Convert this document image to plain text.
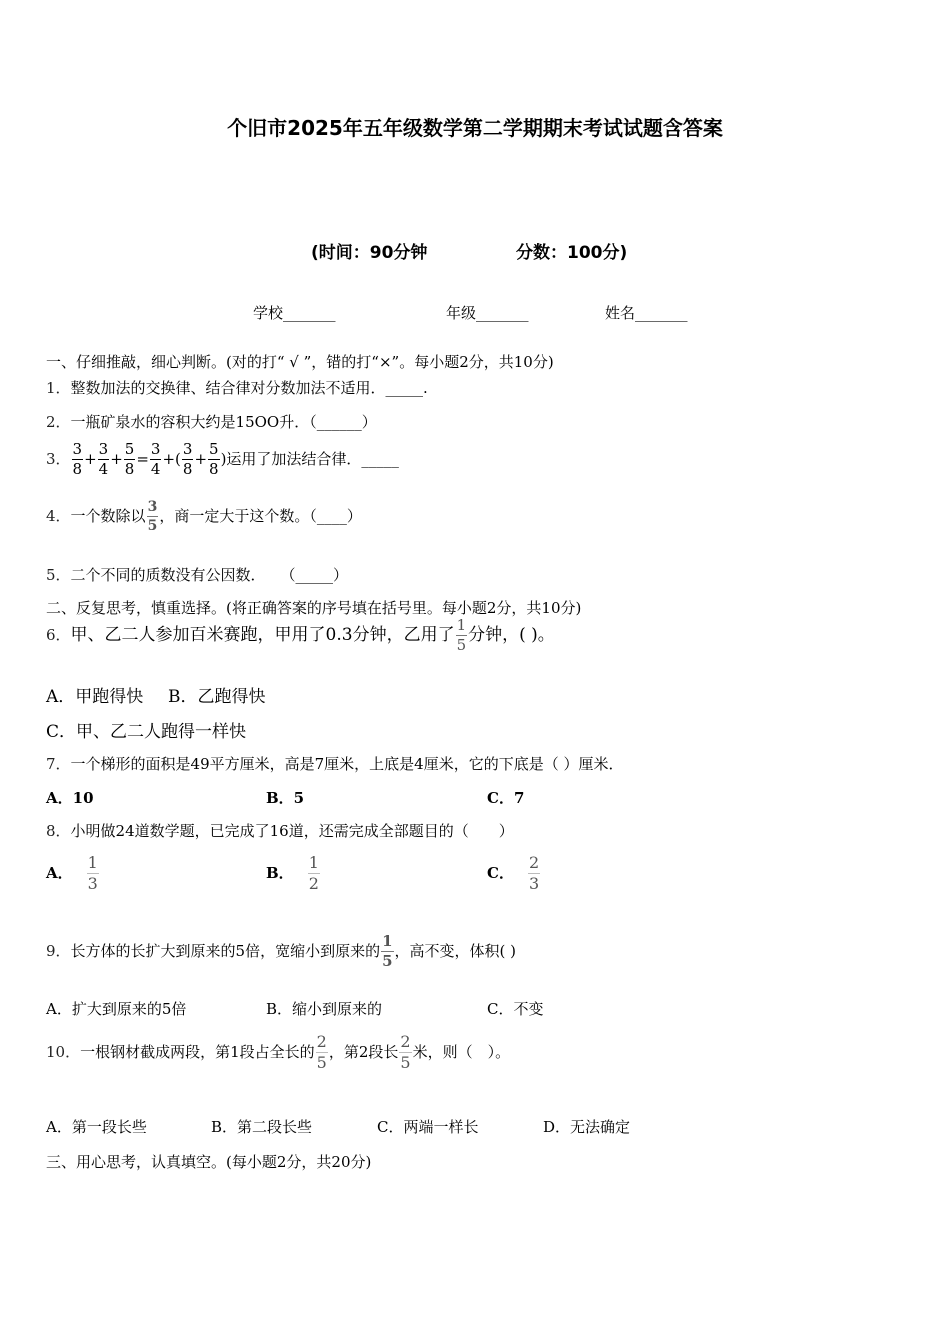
个旧市2025年五年级数学第二学期期末考试试题含答案
(时间：90分钟	分数：100分)
学校_______	年级_______	姓名_______
一、仔细推敲，细心判断。(对的打“ √ ”，错的打“×”。每小题2分，共10分)
1．整数加法的交换律、结合律对分数加法不适用．_____.
2．一瓶矿泉水的容积大约是15OO升．（______）
3． $\frac{3}{8} + \frac{3}{4} + \frac{5}{8} = \frac{3}{4}$ +( $\frac{3}{8} + \frac{5}{8}$ )运用了加法结合律．_____
4．一个数除以 $\frac{3}{5}$ ，商一定大于这个数。（____）
5．二个不同的质数没有公因数．　　（_____）
二、反复思考，慎重选择。(将正确答案的序号填在括号里。每小题2分，共10分)
6．甲、乙二人参加百米赛跑，甲用了0.3分钟，乙用了 $\frac{1}{5}$ 分钟，( )。
A．甲跑得快 B．乙跑得快
C．甲、乙二人跑得一样快
7．一个梯形的面积是49平方厘米，高是7厘米，上底是4厘米，它的下底是（ ）厘米．
A．10	B．5	C．7
8．小明做24道数学题，已完成了16道，还需完成全部题目的（　　）
A． $\frac{1}{3}$	B． $\frac{1}{2}$	C． $\frac{2}{3}$
9．长方体的长扩大到原来的5倍，宽缩小到原来的 $\frac{1}{5}$ ，高不变，体积( )
A．扩大到原来的5倍	B．缩小到原来的	C．不变
10．一根钢材截成两段，第1段占全长的 $\frac{2}{5}$ ，第2段长 $\frac{2}{5}$ 米，则（　）。
A．第一段长些	B．第二段长些	C．两端一样长	D．无法确定
三、用心思考，认真填空。(每小题2分，共20分)
